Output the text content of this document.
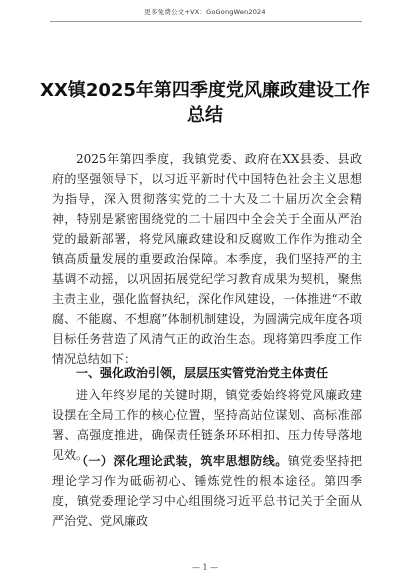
更多免费公文+VX：GoGongWen2024
XX镇2025年第四季度党风廉政建设工作总结
2025年第四季度，我镇党委、政府在XX县委、县政府的坚强领导下，以习近平新时代中国特色社会主义思想为指导，深入贯彻落实党的二十大及二十届历次全会精神，特别是紧密围绕党的二十届四中全会关于全面从严治党的最新部署，将党风廉政建设和反腐败工作作为推动全镇高质量发展的重要政治保障。本季度，我们坚持严的主基调不动摇，以巩固拓展党纪学习教育成果为契机，聚焦主责主业，强化监督执纪，深化作风建设，一体推进“不敢腐、不能腐、不想腐”体制机制建设，为圆满完成年度各项目标任务营造了风清气正的政治生态。现将第四季度工作情况总结如下：
一、强化政治引领，层层压实管党治党主体责任
进入年终岁尾的关键时期，镇党委始终将党风廉政建设摆在全局工作的核心位置，坚持高站位谋划、高标准部署、高强度推进，确保责任链条环环相扣、压力传导落地见效。
（一）深化理论武装，筑牢思想防线。镇党委坚持把理论学习作为砥砺初心、锤炼党性的根本途径。第四季度，镇党委理论学习中心组围绕习近平总书记关于全面从严治党、党风廉政
— 1 —
